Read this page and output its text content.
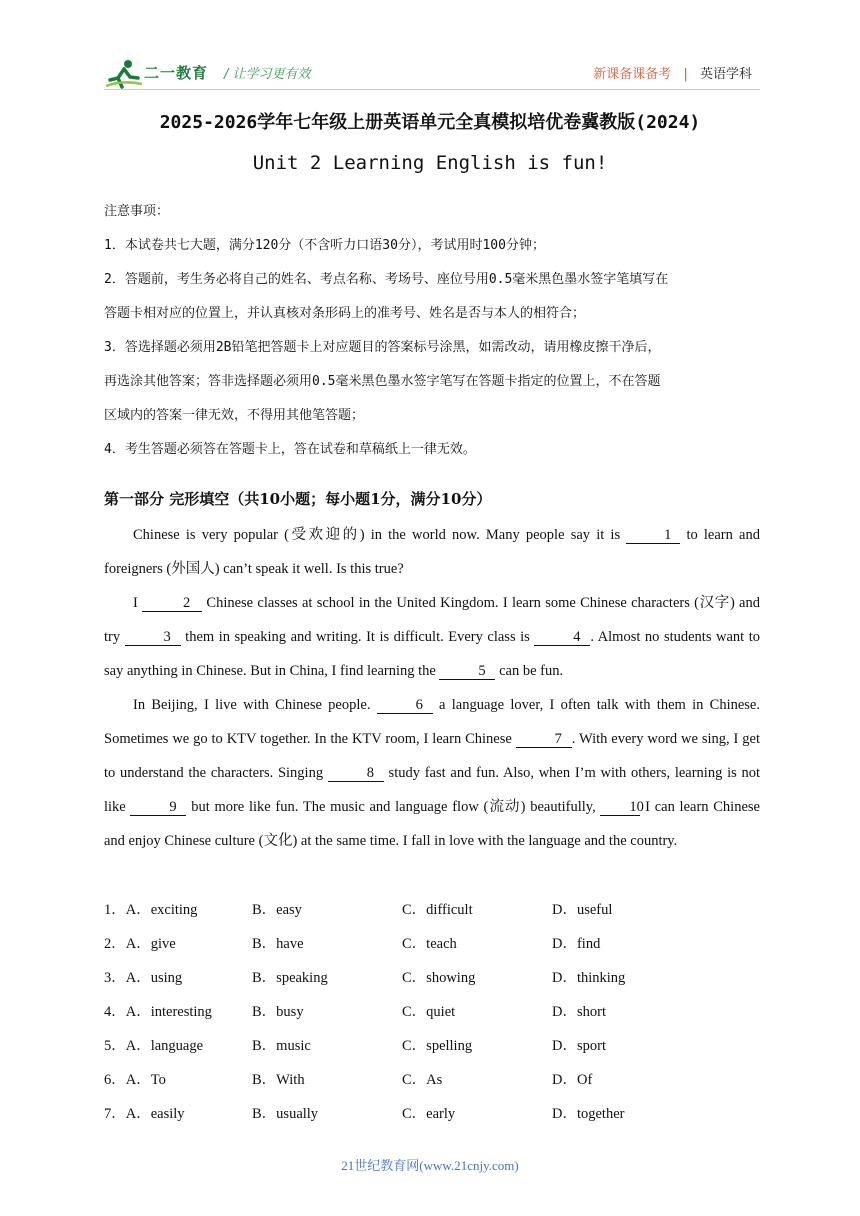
二一教育 / 让学习更有效	新课备课备考 | 英语学科
2025-2026学年七年级上册英语单元全真模拟培优卷冀教版(2024)
Unit 2 Learning English is fun!
注意事项：
1．本试卷共七大题，满分120分（不含听力口语30分），考试用时100分钟；
2．答题前，考生务必将自己的姓名、考点名称、考场号、座位号用0.5毫米黑色墨水签字笔填写在
答题卡相对应的位置上，并认真核对条形码上的准考号、姓名是否与本人的相符合；
3．答选择题必须用2B铅笔把答题卡上对应题目的答案标号涂黑，如需改动，请用橡皮擦干净后，
再选涂其他答案；答非选择题必须用0.5毫米黑色墨水签字笔写在答题卡指定的位置上，不在答题
区域内的答案一律无效，不得用其他笔答题；
4．考生答题必须答在答题卡上，答在试卷和草稿纸上一律无效。
第一部分 完形填空（共10小题；每小题1分，满分10分）

Chinese is very popular (受欢迎的) in the world now. Many people say it is	1 to learn and foreigners (外国人) can’t speak it well. Is this true?

I	2 Chinese classes at school in the United Kingdom. I learn some Chinese characters (汉字) and try	3 them in speaking and writing. It is difficult. Every class is	4 . Almost no students want to say anything in Chinese. But in China, I find learning the	5 can be fun.

In Beijing, I live with Chinese people.	6 a language lover, I often talk with them in Chinese. Sometimes we go to KTV together. In the KTV room, I learn Chinese	7 . With every word we sing, I get to understand the characters. Singing	8 study fast and fun. Also, when I’m with others, learning is not like	9 but more like fun. The music and language flow (流动) beautifully, 10 I can learn Chinese and enjoy Chinese culture (文化) at the same time. I fall in love with the language and the country.

1．A．exciting	B．easy	C．difficult	D．useful
2．A．give	B．have	C．teach	D．find
3．A．using	B．speaking	C．showing	D．thinking
4．A．interesting	B．busy	C．quiet	D．short
5．A．language	B．music	C．spelling	D．sport
6．A．To	B．With	C．As	D．Of
7．A．easily	B．usually	C．early	D．together
21世纪教育网(www.21cnjy.com)
